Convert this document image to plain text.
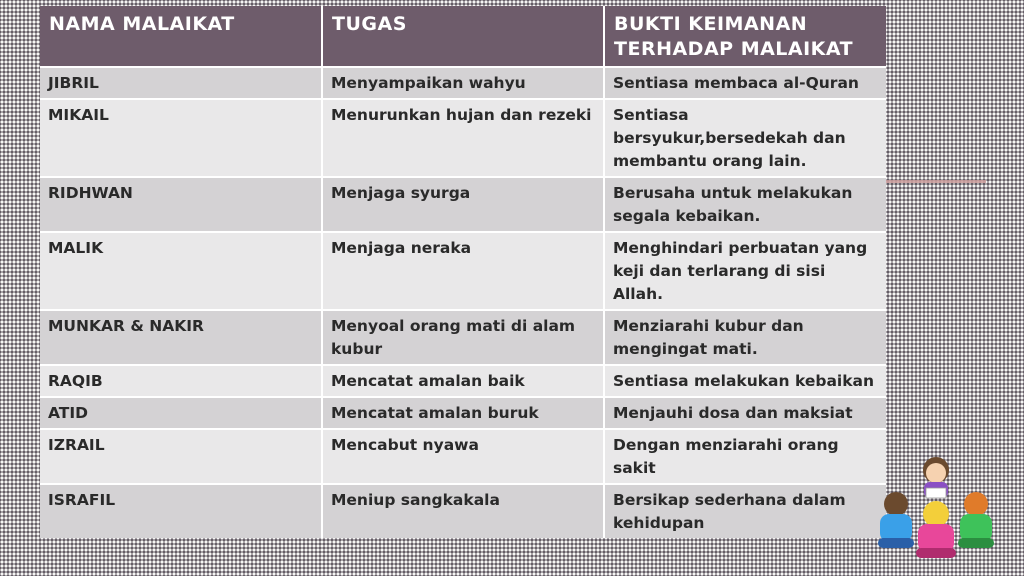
NAMA MALAIKAT	TUGAS	BUKTI KEIMANAN TERHADAP MALAIKAT
JIBRIL	Menyampaikan wahyu	Sentiasa membaca al-Quran
MIKAIL	Menurunkan hujan dan rezeki	Sentiasa bersyukur,bersedekah dan membantu orang lain.
RIDHWAN	Menjaga syurga	Berusaha untuk melakukan segala kebaikan.
MALIK	Menjaga neraka	Menghindari perbuatan yang keji dan terlarang di sisi Allah.
MUNKAR & NAKIR	Menyoal orang mati di alam kubur	Menziarahi kubur dan mengingat mati.
RAQIB	Mencatat amalan baik	Sentiasa melakukan kebaikan
ATID	Mencatat amalan buruk	Menjauhi dosa dan maksiat
IZRAIL	Mencabut nyawa	Dengan menziarahi orang sakit
ISRAFIL	Meniup sangkakala	Bersikap sederhana dalam kehidupan
